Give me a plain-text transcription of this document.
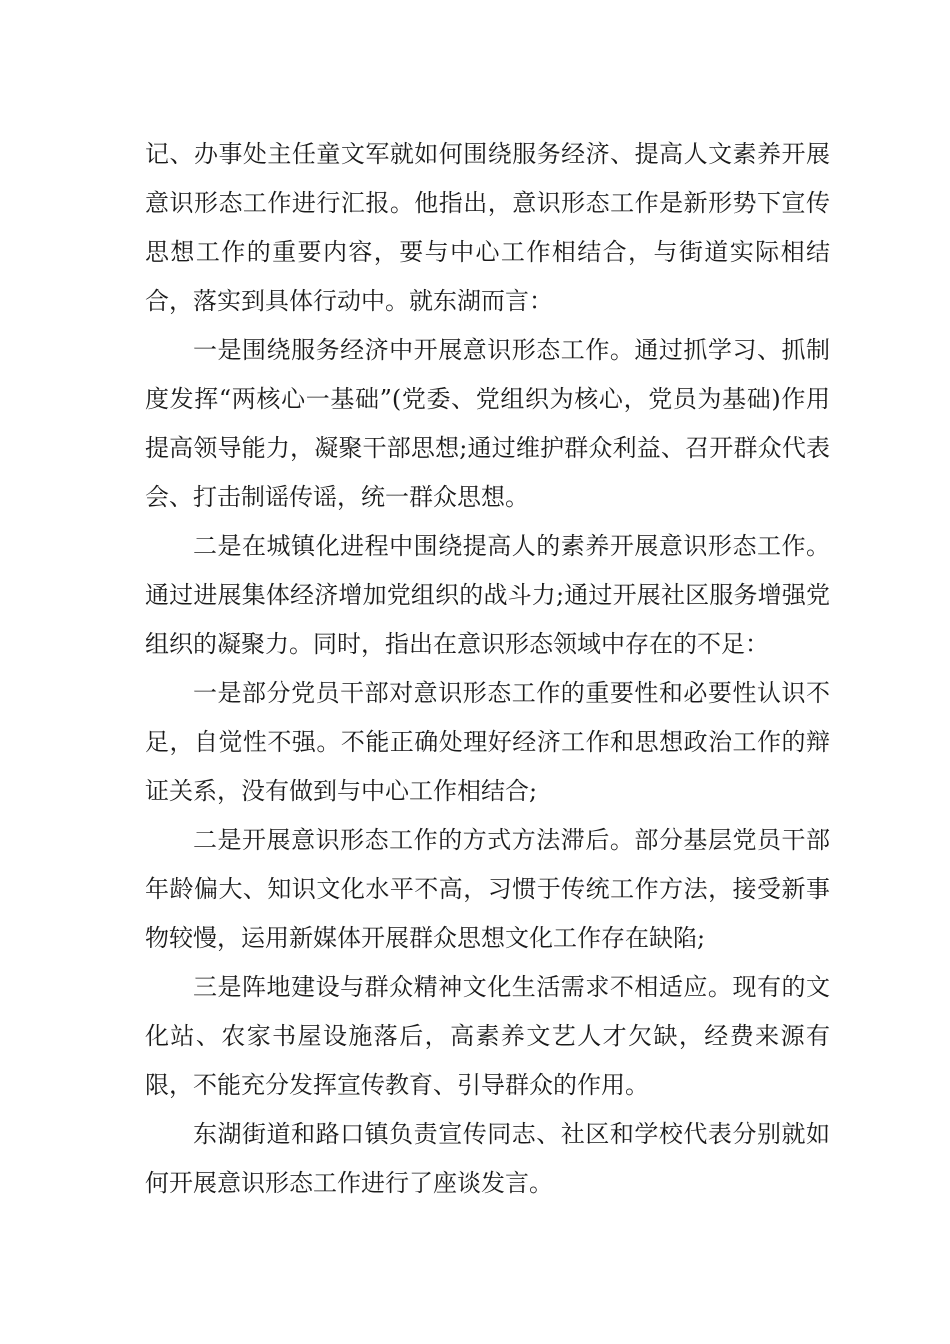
记、办事处主任童文军就如何围绕服务经济、提高人文素养开展意识形态工作进行汇报。他指出，意识形态工作是新形势下宣传思想工作的重要内容，要与中心工作相结合，与街道实际相结合，落实到具体行动中。就东湖而言：

一是围绕服务经济中开展意识形态工作。通过抓学习、抓制度发挥“两核心一基础”(党委、党组织为核心，党员为基础)作用提高领导能力，凝聚干部思想;通过维护群众利益、召开群众代表会、打击制谣传谣，统一群众思想。

二是在城镇化进程中围绕提高人的素养开展意识形态工作。通过进展集体经济增加党组织的战斗力;通过开展社区服务增强党组织的凝聚力。同时，指出在意识形态领域中存在的不足：

一是部分党员干部对意识形态工作的重要性和必要性认识不足，自觉性不强。不能正确处理好经济工作和思想政治工作的辩证关系，没有做到与中心工作相结合;

二是开展意识形态工作的方式方法滞后。部分基层党员干部年龄偏大、知识文化水平不高，习惯于传统工作方法，接受新事物较慢，运用新媒体开展群众思想文化工作存在缺陷;

三是阵地建设与群众精神文化生活需求不相适应。现有的文化站、农家书屋设施落后，高素养文艺人才欠缺，经费来源有限，不能充分发挥宣传教育、引导群众的作用。

东湖街道和路口镇负责宣传同志、社区和学校代表分别就如何开展意识形态工作进行了座谈发言。
